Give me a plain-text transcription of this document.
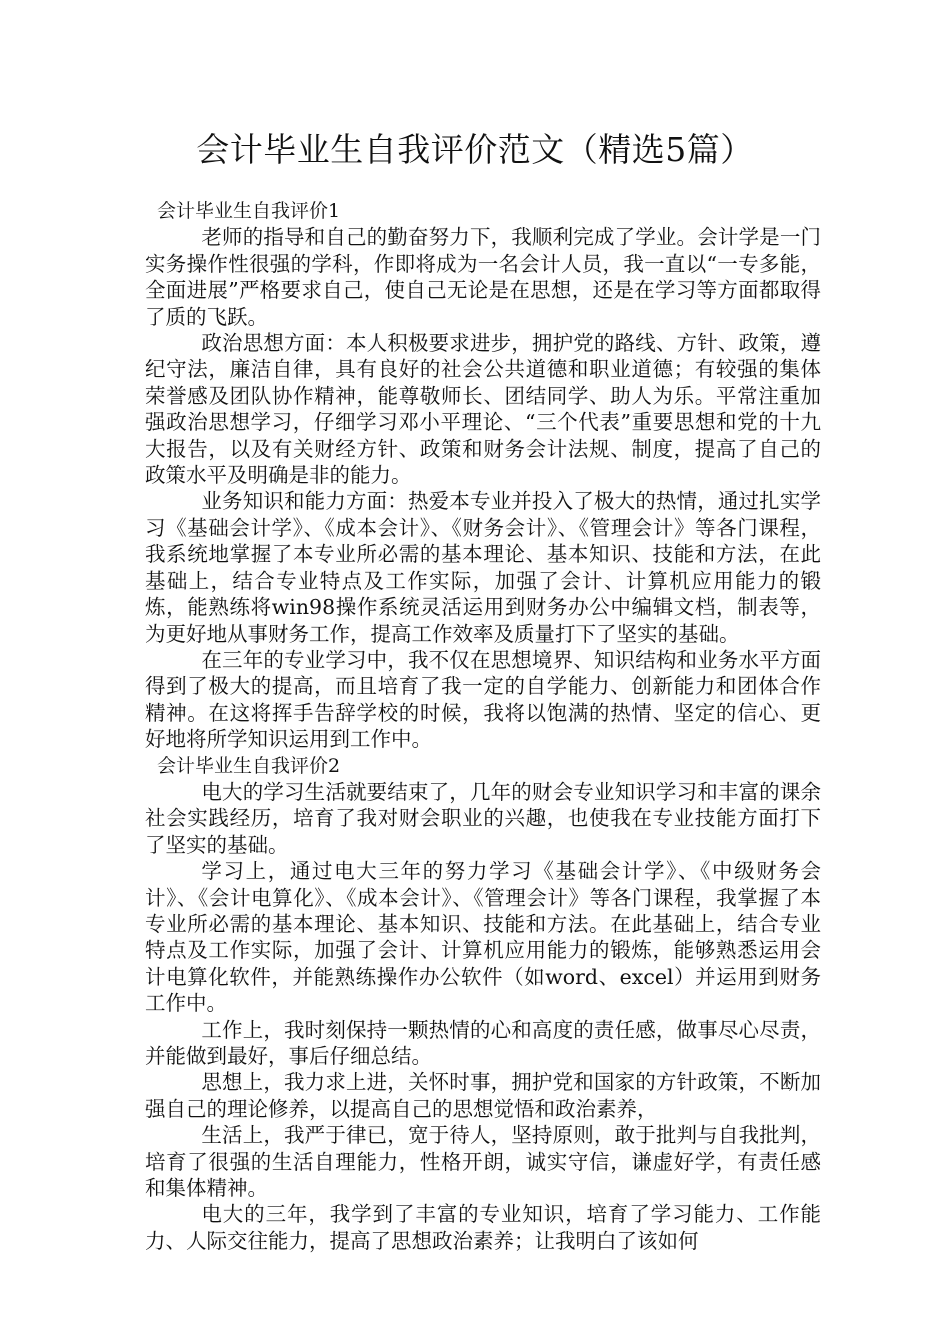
会计毕业生自我评价范文（精选5篇）
会计毕业生自我评价1

老师的指导和自己的勤奋努力下，我顺利完成了学业。会计学是一门实务操作性很强的学科，作即将成为一名会计人员，我一直以“一专多能，全面进展”严格要求自己，使自己无论是在思想，还是在学习等方面都取得了质的飞跃。

政治思想方面：本人积极要求进步，拥护党的路线、方针、政策，遵纪守法，廉洁自律，具有良好的社会公共道德和职业道德；有较强的集体荣誉感及团队协作精神，能尊敬师长、团结同学、助人为乐。平常注重加强政治思想学习，仔细学习邓小平理论、“三个代表”重要思想和党的十九大报告，以及有关财经方针、政策和财务会计法规、制度，提高了自己的政策水平及明确是非的能力。

业务知识和能力方面：热爱本专业并投入了极大的热情，通过扎实学习《基础会计学》、《成本会计》、《财务会计》、《管理会计》等各门课程，我系统地掌握了本专业所必需的基本理论、基本知识、技能和方法，在此基础上，结合专业特点及工作实际，加强了会计、计算机应用能力的锻炼，能熟练将win98操作系统灵活运用到财务办公中编辑文档，制表等，为更好地从事财务工作，提高工作效率及质量打下了坚实的基础。

在三年的专业学习中，我不仅在思想境界、知识结构和业务水平方面得到了极大的提高，而且培育了我一定的自学能力、创新能力和团体合作精神。在这将挥手告辞学校的时候，我将以饱满的热情、坚定的信心、更好地将所学知识运用到工作中。

会计毕业生自我评价2

电大的学习生活就要结束了，几年的财会专业知识学习和丰富的课余社会实践经历，培育了我对财会职业的兴趣，也使我在专业技能方面打下了坚实的基础。

学习上，通过电大三年的努力学习《基础会计学》、《中级财务会计》、《会计电算化》、《成本会计》、《管理会计》等各门课程，我掌握了本专业所必需的基本理论、基本知识、技能和方法。在此基础上，结合专业特点及工作实际，加强了会计、计算机应用能力的锻炼，能够熟悉运用会计电算化软件，并能熟练操作办公软件（如word、excel）并运用到财务工作中。

工作上，我时刻保持一颗热情的心和高度的责任感，做事尽心尽责，并能做到最好，事后仔细总结。

思想上，我力求上进，关怀时事，拥护党和国家的方针政策，不断加强自己的理论修养，以提高自己的思想觉悟和政治素养，

生活上，我严于律已，宽于待人，坚持原则，敢于批判与自我批判，培育了很强的生活自理能力，性格开朗，诚实守信，谦虚好学，有责任感和集体精神。

电大的三年，我学到了丰富的专业知识，培育了学习能力、工作能力、人际交往能力，提高了思想政治素养；让我明白了该如何
